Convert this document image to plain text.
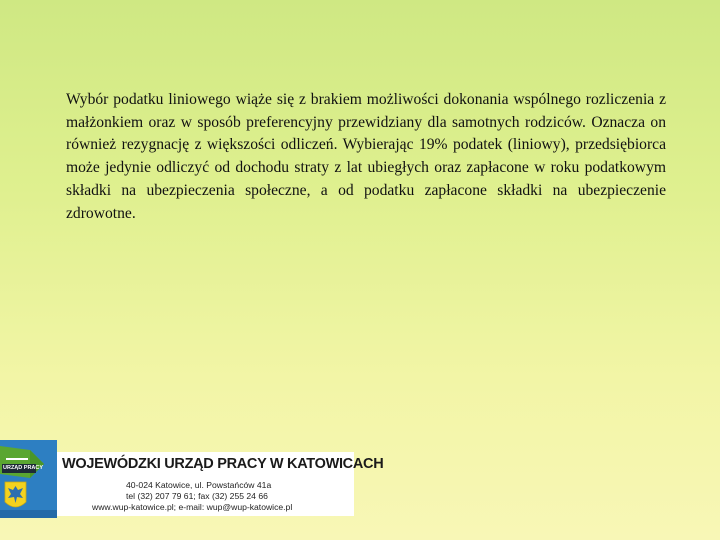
Wybór podatku liniowego wiąże się z brakiem możliwości dokonania wspólnego rozliczenia z małżonkiem oraz w sposób preferencyjny przewidziany dla samotnych rodziców. Oznacza on również rezygnację z większości odliczeń. Wybierając 19% podatek (liniowy), przedsiębiorca może jedynie odliczyć od dochodu straty z lat ubiegłych oraz zapłacone w roku podatkowym składki na ubezpieczenia społeczne, a od podatku zapłacone składki na ubezpieczenie zdrowotne.

URZĄD PRACY WOJEWÓDZKI URZĄD PRACY W KATOWICACH

40-024 Katowice, ul. Powstańców 41a

tel (32) 207 79 61; fax (32) 255 24 66

www.wup-katowice.pl; e-mail: wup@wup-katowice.pl
